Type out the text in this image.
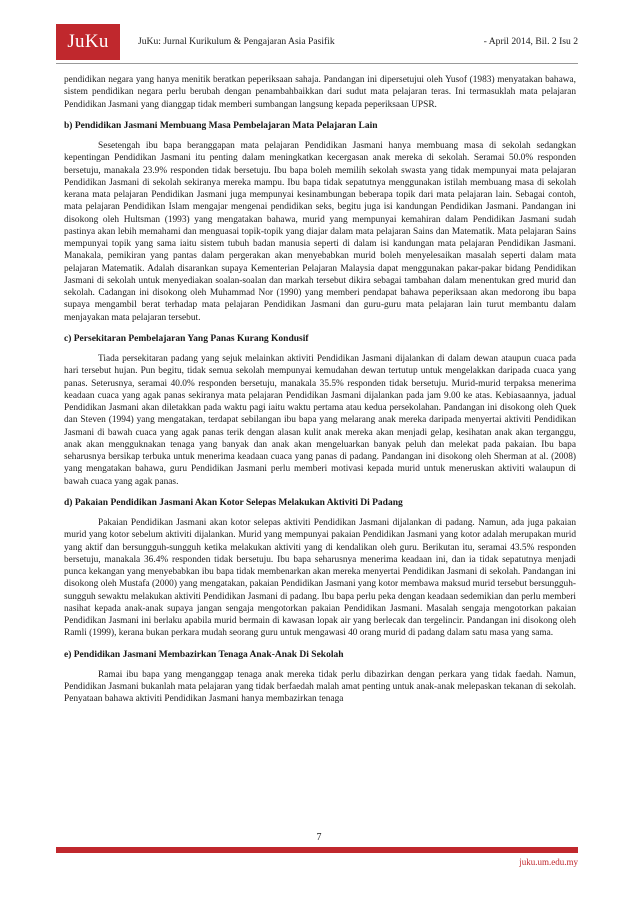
JuKu	JuKu: Jurnal Kurikulum & Pengajaran Asia Pasifik	- April 2014, Bil. 2 Isu 2

pendidikan negara yang hanya menitik beratkan peperiksaan sahaja. Pandangan ini dipersetujui oleh Yusof (1983) menyatakan bahawa, sistem pendidikan negara perlu berubah dengan penambahbaikkan dari sudut mata pelajaran teras. Ini termasuklah mata pelajaran Pendidikan Jasmani yang dianggap tidak memberi sumbangan langsung kepada peperiksaan UPSR.

b) Pendidikan Jasmani Membuang Masa Pembelajaran Mata Pelajaran Lain

Sesetengah ibu bapa beranggapan mata pelajaran Pendidikan Jasmani hanya membuang masa di sekolah sedangkan kepentingan Pendidikan Jasmani itu penting dalam meningkatkan kecergasan anak mereka di sekolah. Seramai 50.0% responden bersetuju, manakala 23.9% responden tidak bersetuju. Ibu bapa boleh memilih sekolah swasta yang tidak mempunyai mata pelajaran Pendidikan Jasmani di sekolah sekiranya mereka mampu. Ibu bapa tidak sepatutnya menggunakan istilah membuang masa di sekolah kerana mata pelajaran Pendidikan Jasmani juga mempunyai kesinambungan beberapa topik dari mata pelajaran lain. Sebagai contoh, mata pelajaran Pendidikan Islam mengajar mengenai pendidikan seks, begitu juga isi kandungan Pendidikan Jasmani. Pandangan ini disokong oleh Hultsman (1993) yang mengatakan bahawa, murid yang mempunyai kemahiran dalam Pendidikan Jasmani sudah pastinya akan lebih memahami dan menguasai topik-topik yang diajar dalam mata pelajaran Sains dan Matematik. Mata pelajaran Sains mempunyai topik yang sama iaitu sistem tubuh badan manusia seperti di dalam isi kandungan mata pelajaran Pendidikan Jasmani. Manakala, pemikiran yang pantas dalam pergerakan akan menyebabkan murid boleh menyelesaikan masalah seperti dalam mata pelajaran Matematik. Adalah disarankan supaya Kementerian Pelajaran Malaysia dapat menggunakan pakar-pakar bidang Pendidikan Jasmani di sekolah untuk menyediakan soalan-soalan dan markah tersebut dikira sebagai tambahan dalam menentukan gred murid dan sekolah. Cadangan ini disokong oleh Muhammad Nor (1990) yang memberi pendapat bahawa peperiksaan akan medorong ibu bapa supaya mengambil berat terhadap mata pelajaran Pendidikan Jasmani dan guru-guru mata pelajaran lain turut membantu dalam menjayakan mata pelajaran tersebut.

c) Persekitaran Pembelajaran Yang Panas Kurang Kondusif

Tiada persekitaran padang yang sejuk melainkan aktiviti Pendidikan Jasmani dijalankan di dalam dewan ataupun cuaca pada hari tersebut hujan. Pun begitu, tidak semua sekolah mempunyai kemudahan dewan tertutup untuk mengelakkan daripada cuaca yang panas. Seterusnya, seramai 40.0% responden bersetuju, manakala 35.5% responden tidak bersetuju. Murid-murid terpaksa menerima keadaan cuaca yang agak panas sekiranya mata pelajaran Pendidikan Jasmani dijalankan pada jam 9.00 ke atas. Kebiasaannya, jadual Pendidikan Jasmani akan diletakkan pada waktu pagi iaitu waktu pertama atau kedua persekolahan. Pandangan ini disokong oleh Quek dan Steven (1994) yang mengatakan, terdapat sebilangan ibu bapa yang melarang anak mereka daripada menyertai aktiviti Pendidikan Jasmani di bawah cuaca yang agak panas terik dengan alasan kulit anak mereka akan menjadi gelap, kesihatan anak akan terganggu, anak akan mengguknakan tenaga yang banyak dan anak akan mengeluarkan banyak peluh dan melekat pada pakaian. Ibu bapa seharusnya bersikap terbuka untuk menerima keadaan cuaca yang panas di padang. Pandangan ini disokong oleh Sherman at al. (2008) yang mengatakan bahawa, guru Pendidikan Jasmani perlu memberi motivasi kepada murid untuk meneruskan aktiviti walaupun di bawah cuaca yang agak panas.

d) Pakaian Pendidikan Jasmani Akan Kotor Selepas Melakukan Aktiviti Di Padang

Pakaian Pendidikan Jasmani akan kotor selepas aktiviti Pendidikan Jasmani dijalankan di padang. Namun, ada juga pakaian murid yang kotor sebelum aktiviti dijalankan. Murid yang mempunyai pakaian Pendidikan Jasmani yang kotor adalah merupakan murid yang aktif dan bersungguh-sungguh ketika melakukan aktiviti yang di kendalikan oleh guru. Berikutan itu, seramai 43.5% responden bersetuju, manakala 36.4% responden tidak bersetuju. Ibu bapa seharusnya menerima keadaan ini, dan ia tidak sepatutnya menjadi punca kekangan yang menyebabkan ibu bapa tidak membenarkan akan mereka menyertai Pendidikan Jasmani di sekolah. Pandangan ini disokong oleh Mustafa (2000) yang mengatakan, pakaian Pendidikan Jasmani yang kotor membawa maksud murid tersebut bersungguh-sungguh sewaktu melakukan aktiviti Pendidikan Jasmani di padang. Ibu bapa perlu peka dengan keadaan sedemikian dan perlu memberi nasihat kepada anak-anak supaya jangan sengaja mengotorkan pakaian Pendidikan Jasmani. Masalah sengaja mengotorkan pakaian Pendidikan Jasmani ini berlaku apabila murid bermain di kawasan lopak air yang berlecak dan tergelincir. Pandangan ini disokong oleh Ramli (1999), kerana bukan perkara mudah seorang guru untuk mengawasi 40 orang murid di padang dalam satu masa yang sama.

e) Pendidikan Jasmani Membazirkan Tenaga Anak-Anak Di Sekolah

Ramai ibu bapa yang menganggap tenaga anak mereka tidak perlu dibazirkan dengan perkara yang tidak faedah. Namun, Pendidikan Jasmani bukanlah mata pelajaran yang tidak berfaedah malah amat penting untuk anak-anak melepaskan tekanan di sekolah. Penyataan bahawa aktiviti Pendidikan Jasmani hanya membazirkan tenaga

7
juku.um.edu.my
